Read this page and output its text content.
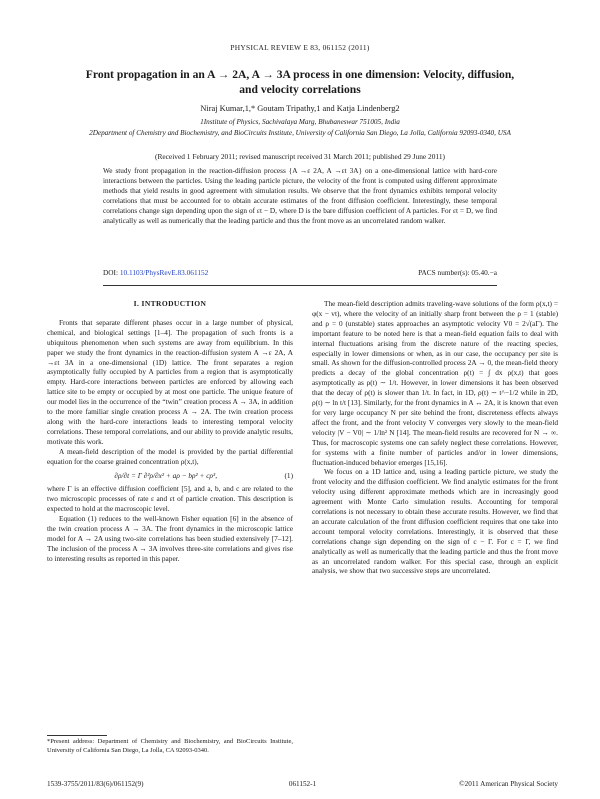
PHYSICAL REVIEW E 83, 061152 (2011)
Front propagation in an A → 2A, A → 3A process in one dimension: Velocity, diffusion, and velocity correlations
Niraj Kumar,1,* Goutam Tripathy,1 and Katja Lindenberg2
1Institute of Physics, Sachivalaya Marg, Bhubaneswar 751005, India
2Department of Chemistry and Biochemistry, and BioCircuits Institute, University of California San Diego, La Jolla, California 92093-0340, USA
(Received 1 February 2011; revised manuscript received 31 March 2011; published 29 June 2011)
We study front propagation in the reaction-diffusion process {A →ε 2A, A →εt 3A} on a one-dimensional lattice with hard-core interactions between the particles. Using the leading particle picture, the velocity of the front is computed using different approximate methods that yield results in good agreement with simulation results. We observe that the front dynamics exhibits temporal velocity correlations that must be accounted for to obtain accurate estimates of the front diffusion coefficient. Interestingly, these temporal correlations change sign depending upon the sign of εt − D, where D is the bare diffusion coefficient of A particles. For εt = D, we find analytically as well as numerically that the leading particle and thus the front move as an uncorrelated random walker.
DOI: 10.1103/PhysRevE.83.061152	PACS number(s): 05.40.−a
I. INTRODUCTION

Fronts that separate different phases occur in a large number of physical, chemical, and biological settings [1–4]. The propagation of such fronts is a ubiquitous phenomenon when such systems are away from equilibrium. In this paper we study the front dynamics in the reaction-diffusion system A →ε 2A, A →εt 3A in a one-dimensional (1D) lattice. The front separates a region asymptotically fully occupied by A particles from a region that is asymptotically empty. Hard-core interactions between particles are enforced by allowing each lattice site to be empty or occupied by at most one particle. The unique feature of our model lies in the occurrence of the “twin” creation process A → 3A, in addition to the more familiar single creation process A → 2A. The twin creation process along with the hard-core interactions leads to interesting temporal velocity correlations. These temporal correlations, and our ability to provide analytic results, motivate this work.

A mean-field description of the model is provided by the partial differential equation for the coarse grained concentration ρ(x,t),

∂ρ/∂t = Γ ∂²ρ/∂x² + aρ − bρ² + cρ³,	(1)

where Γ is an effective diffusion coefficient [5], and a, b, and c are related to the two microscopic processes of rate ε and εt of particle creation. This description is expected to hold at the macroscopic level.

Equation (1) reduces to the well-known Fisher equation [6] in the absence of the twin creation process A → 3A. The front dynamics in the microscopic lattice model for A → 2A using two-site correlations has been studied extensively [7–12]. The inclusion of the process A → 3A involves three-site correlations and gives rise to interesting results as reported in this paper.

The mean-field description admits traveling-wave solutions of the form ρ(x,t) = φ(x − vt), where the velocity of an initially sharp front between the ρ = 1 (stable) and ρ = 0 (unstable) states approaches an asymptotic velocity V0 = 2√(aΓ). The important feature to be noted here is that a mean-field equation fails to deal with internal fluctuations arising from the discrete nature of the reacting species, especially in lower dimensions or when, as in our case, the occupancy per site is small. As shown for the diffusion-controlled process 2A → 0, the mean-field theory predicts a decay of the global concentration ρ(t) = ∫ dx ρ(x,t) that goes asymptotically as ρ(t) ∼ 1/t. However, in lower dimensions it has been observed that the decay of ρ(t) is slower than 1/t. In fact, in 1D, ρ(t) ∼ t^−1/2 while in 2D, ρ(t) ∼ ln t/t [13]. Similarly, for the front dynamics in A ↔ 2A, it is known that even for very large occupancy N per site behind the front, discreteness effects always affect the front, and the front velocity V converges very slowly to the mean-field velocity |V − V0| ∼ 1/ln² N [14]. The mean-field results are recovered for N → ∞. Thus, for macroscopic systems one can safely neglect these correlations. However, for systems with a finite number of particles and/or in lower dimensions, fluctuation-induced behavior emerges [15,16].

We focus on a 1D lattice and, using a leading particle picture, we study the front velocity and the diffusion coefficient. We find analytic estimates for the front velocity using different approximate methods which are in increasingly good agreement with Monte Carlo simulation results. Accounting for temporal correlations is not necessary to obtain these accurate results. However, we find that an accurate calculation of the front diffusion coefficient requires that one take into account temporal velocity correlations. Interestingly, it is observed that these correlations change sign depending on the sign of c − Γ. For c = Γ, we find analytically as well as numerically that the leading particle and thus the front move as an uncorrelated random walker. For this special case, through an explicit analysis, we show that two successive steps are uncorrelated.

*Present address: Department of Chemistry and Biochemistry, and BioCircuits Institute, University of California San Diego, La Jolla, CA 92093-0340.
1539-3755/2011/83(6)/061152(9)	061152-1	©2011 American Physical Society
